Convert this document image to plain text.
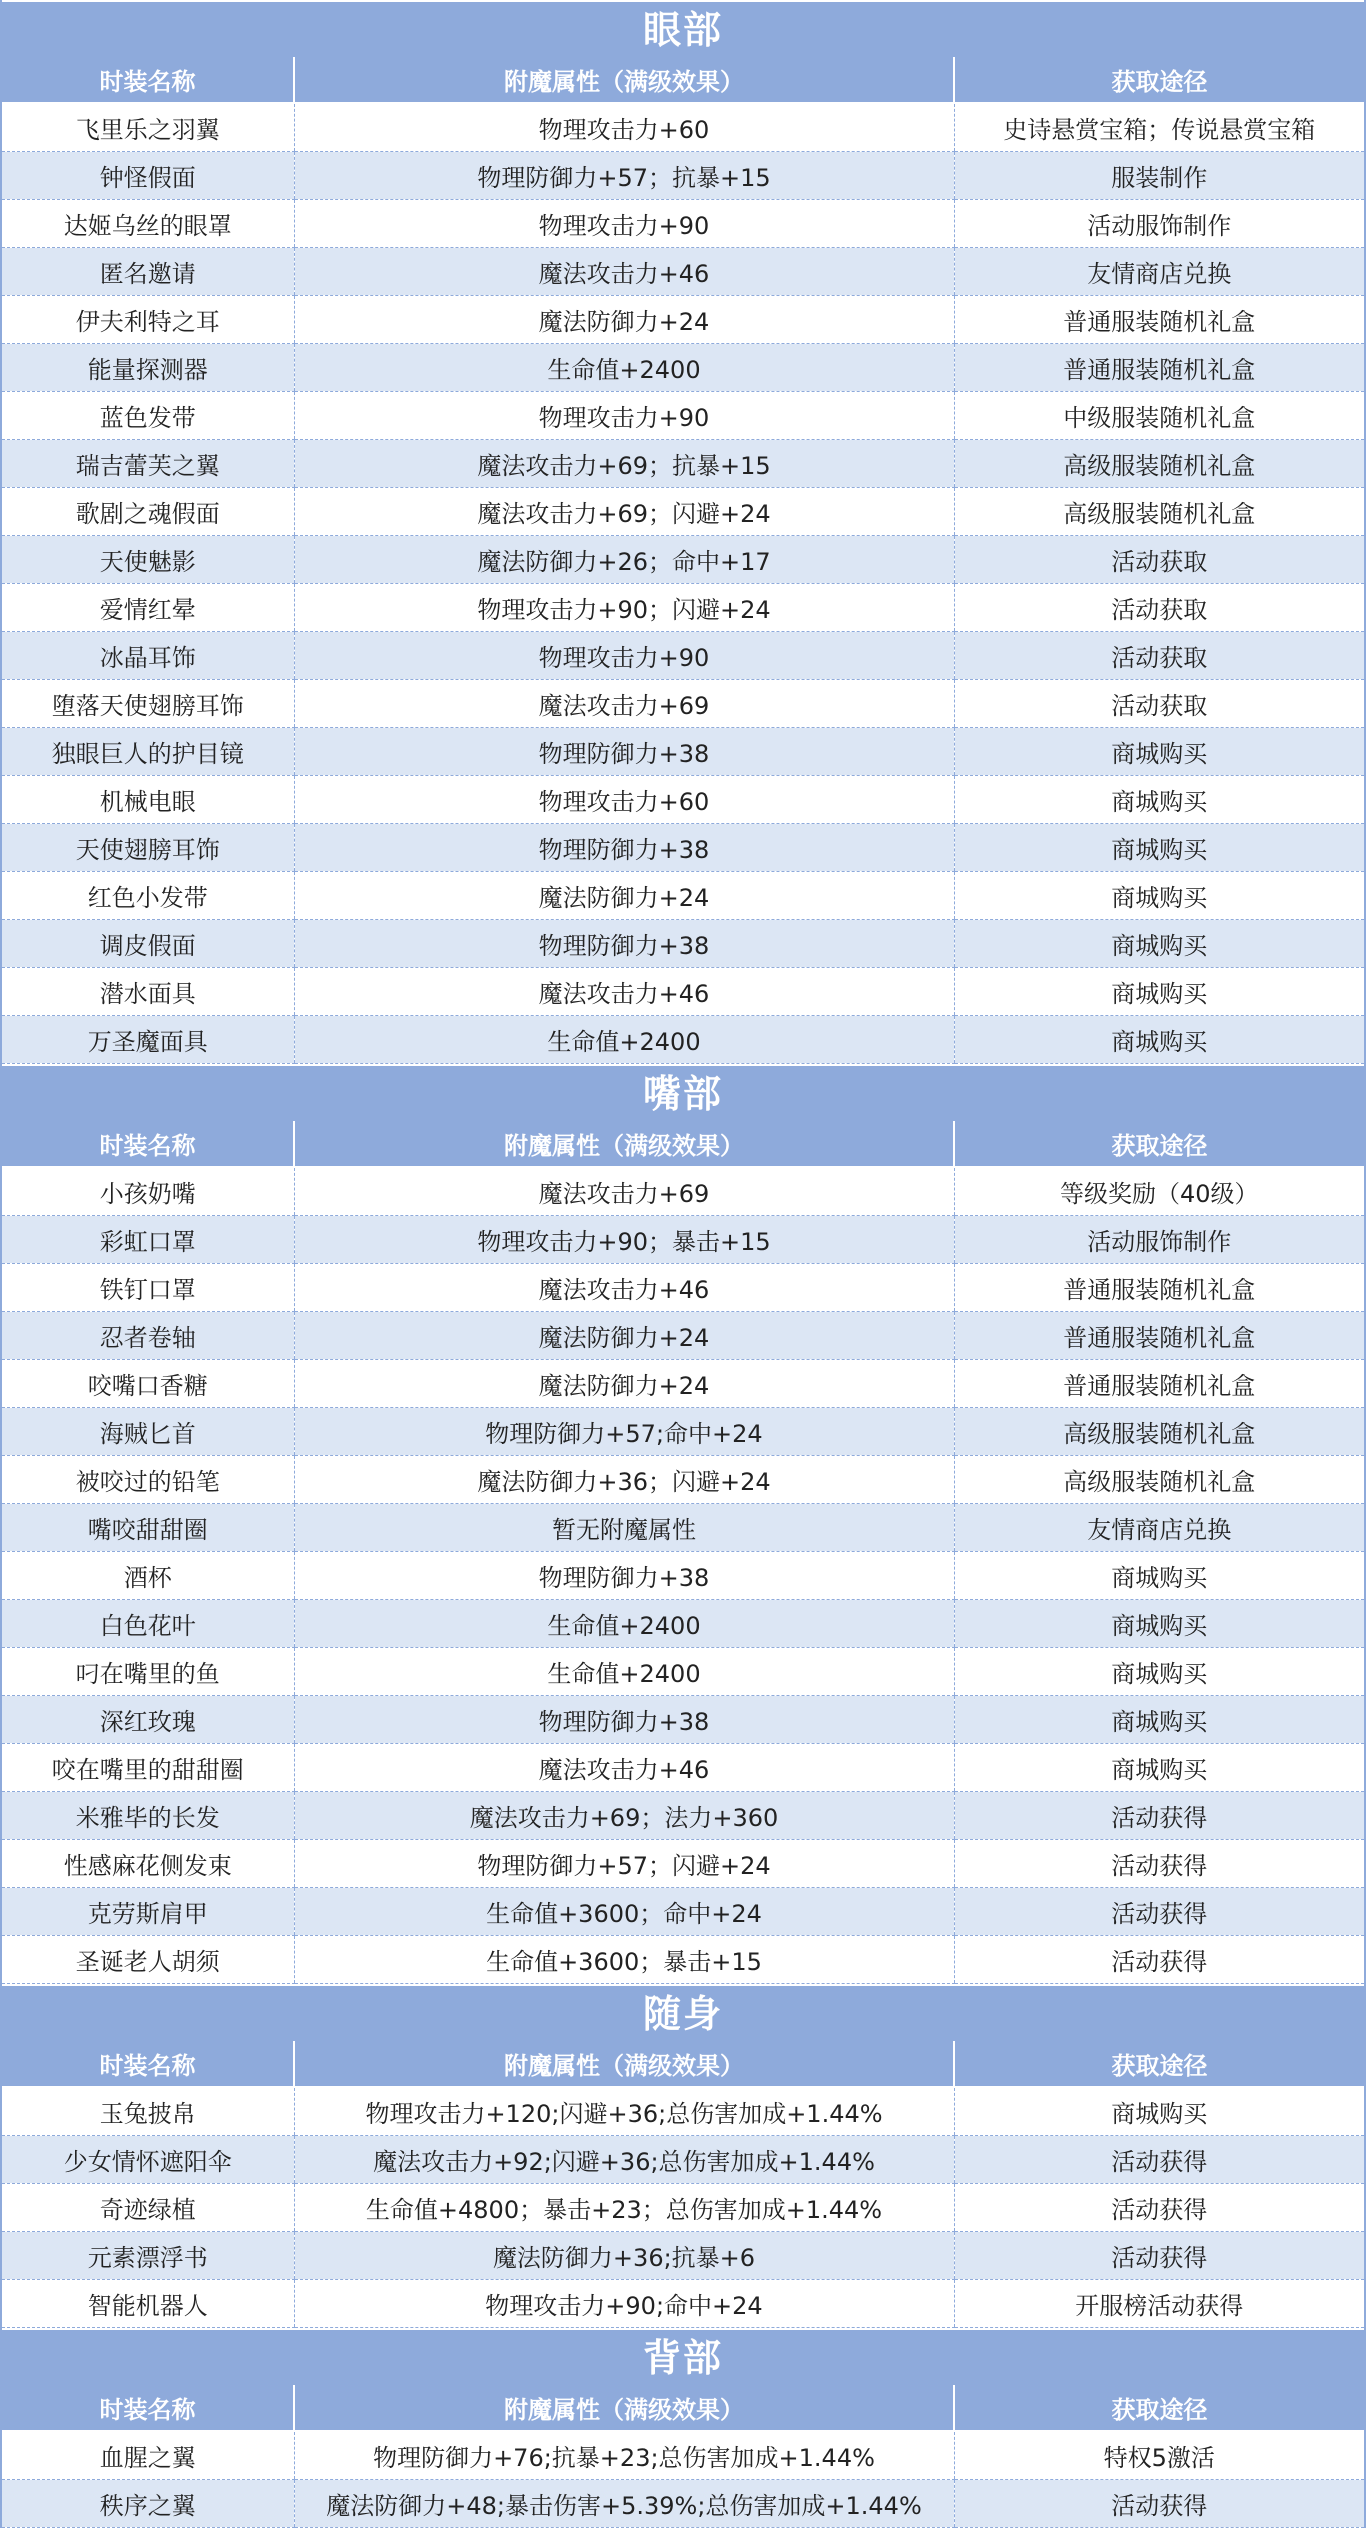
眼部
时装名称	附魔属性（满级效果）	获取途径
飞里乐之羽翼	物理攻击力+60	史诗悬赏宝箱；传说悬赏宝箱
钟怪假面	物理防御力+57；抗暴+15	服装制作
达姬乌丝的眼罩	物理攻击力+90	活动服饰制作
匿名邀请	魔法攻击力+46	友情商店兑换
伊夫利特之耳	魔法防御力+24	普通服装随机礼盒
能量探测器	生命值+2400	普通服装随机礼盒
蓝色发带	物理攻击力+90	中级服装随机礼盒
瑞吉蕾芙之翼	魔法攻击力+69；抗暴+15	高级服装随机礼盒
歌剧之魂假面	魔法攻击力+69；闪避+24	高级服装随机礼盒
天使魅影	魔法防御力+26；命中+17	活动获取
爱情红晕	物理攻击力+90；闪避+24	活动获取
冰晶耳饰	物理攻击力+90	活动获取
堕落天使翅膀耳饰	魔法攻击力+69	活动获取
独眼巨人的护目镜	物理防御力+38	商城购买
机械电眼	物理攻击力+60	商城购买
天使翅膀耳饰	物理防御力+38	商城购买
红色小发带	魔法防御力+24	商城购买
调皮假面	物理防御力+38	商城购买
潜水面具	魔法攻击力+46	商城购买
万圣魔面具	生命值+2400	商城购买
嘴部
时装名称	附魔属性（满级效果）	获取途径
小孩奶嘴	魔法攻击力+69	等级奖励（40级）
彩虹口罩	物理攻击力+90；暴击+15	活动服饰制作
铁钉口罩	魔法攻击力+46	普通服装随机礼盒
忍者卷轴	魔法防御力+24	普通服装随机礼盒
咬嘴口香糖	魔法防御力+24	普通服装随机礼盒
海贼匕首	物理防御力+57;命中+24	高级服装随机礼盒
被咬过的铅笔	魔法防御力+36；闪避+24	高级服装随机礼盒
嘴咬甜甜圈	暂无附魔属性	友情商店兑换
酒杯	物理防御力+38	商城购买
白色花叶	生命值+2400	商城购买
叼在嘴里的鱼	生命值+2400	商城购买
深红玫瑰	物理防御力+38	商城购买
咬在嘴里的甜甜圈	魔法攻击力+46	商城购买
米雅毕的长发	魔法攻击力+69；法力+360	活动获得
性感麻花侧发束	物理防御力+57；闪避+24	活动获得
克劳斯肩甲	生命值+3600；命中+24	活动获得
圣诞老人胡须	生命值+3600；暴击+15	活动获得
随身
时装名称	附魔属性（满级效果）	获取途径
玉兔披帛	物理攻击力+120;闪避+36;总伤害加成+1.44%	商城购买
少女情怀遮阳伞	魔法攻击力+92;闪避+36;总伤害加成+1.44%	活动获得
奇迹绿植	生命值+4800；暴击+23；总伤害加成+1.44%	活动获得
元素漂浮书	魔法防御力+36;抗暴+6	活动获得
智能机器人	物理攻击力+90;命中+24	开服榜活动获得
背部
时装名称	附魔属性（满级效果）	获取途径
血腥之翼	物理防御力+76;抗暴+23;总伤害加成+1.44%	特权5激活
秩序之翼	魔法防御力+48;暴击伤害+5.39%;总伤害加成+1.44%	活动获得
